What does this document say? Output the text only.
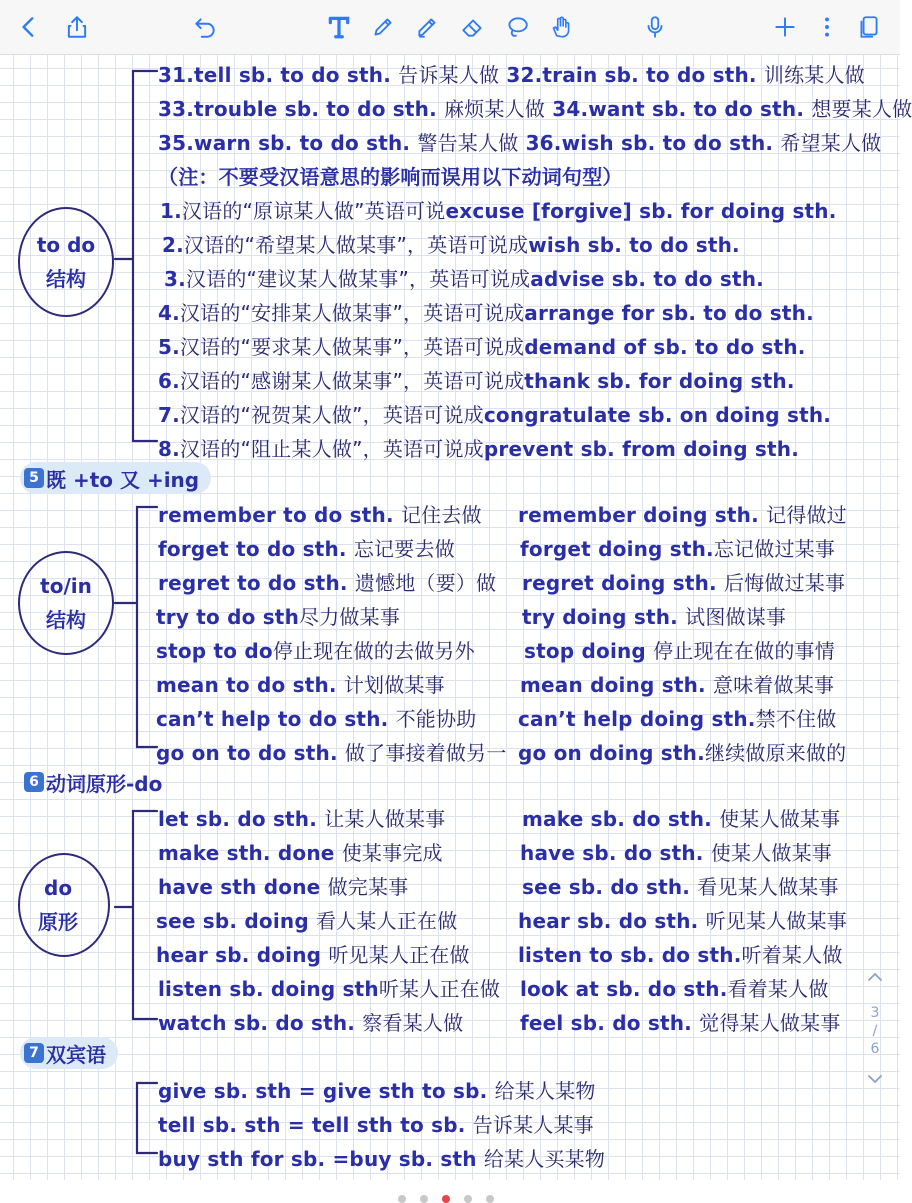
to do
结构
to/in
结构
do
原形
31.tell sb. to do sth. 告诉某人做 32.train sb. to do sth. 训练某人做
33.trouble sb. to do sth. 麻烦某人做 34.want sb. to do sth. 想要某人做
35.warn sb. to do sth. 警告某人做 36.wish sb. to do sth. 希望某人做
（注：不要受汉语意思的影响而误用以下动词句型）
1.汉语的“原谅某人做”英语可说excuse [forgive] sb. for doing sth.
2.汉语的“希望某人做某事”，英语可说成wish sb. to do sth.
3.汉语的“建议某人做某事”，英语可说成advise sb. to do sth.
4.汉语的“安排某人做某事”，英语可说成arrange for sb. to do sth.
5.汉语的“要求某人做某事”，英语可说成demand of sb. to do sth.
6.汉语的“感谢某人做某事”，英语可说成thank sb. for doing sth.
7.汉语的“祝贺某人做”，英语可说成congratulate sb. on doing sth.
8.汉语的“阻止某人做”，英语可说成prevent sb. from doing sth.
5 既 +to 又 +ing
remember to do sth. 记住去做 remember doing sth. 记得做过
forget to do sth. 忘记要去做	forget doing sth.忘记做过某事
regret to do sth. 遗憾地（要）做 regret doing sth. 后悔做过某事
try to do sth尽力做某事	try doing sth. 试图做谋事
stop to do停止现在做的去做另外 stop doing 停止现在在做的事情
mean to do sth. 计划做某事	mean doing sth. 意味着做某事
can’t help to do sth. 不能协助 can’t help doing sth.禁不住做
go on to do sth. 做了事接着做另一 go on doing sth.继续做原来做的
6 动词原形-do
let sb. do sth. 让某人做某事	make sb. do sth. 使某人做某事
make sth. done 使某事完成	have sb. do sth. 使某人做某事
have sth done 做完某事	see sb. do sth. 看见某人做某事
see sb. doing 看人某人正在做	hear sb. do sth. 听见某人做某事
hear sb. doing 听见某人正在做 listen to sb. do sth.听着某人做
listen sb. doing sth听某人正在做 look at sb. do sth.看着某人做
watch sb. do sth. 察看某人做	feel sb. do sth. 觉得某人做某事
7 双宾语
give sb. sth = give sth to sb. 给某人某物
tell sb. sth = tell sth to sb. 告诉某人某事
buy sth for sb. =buy sb. sth 给某人买某物
3
/
6
